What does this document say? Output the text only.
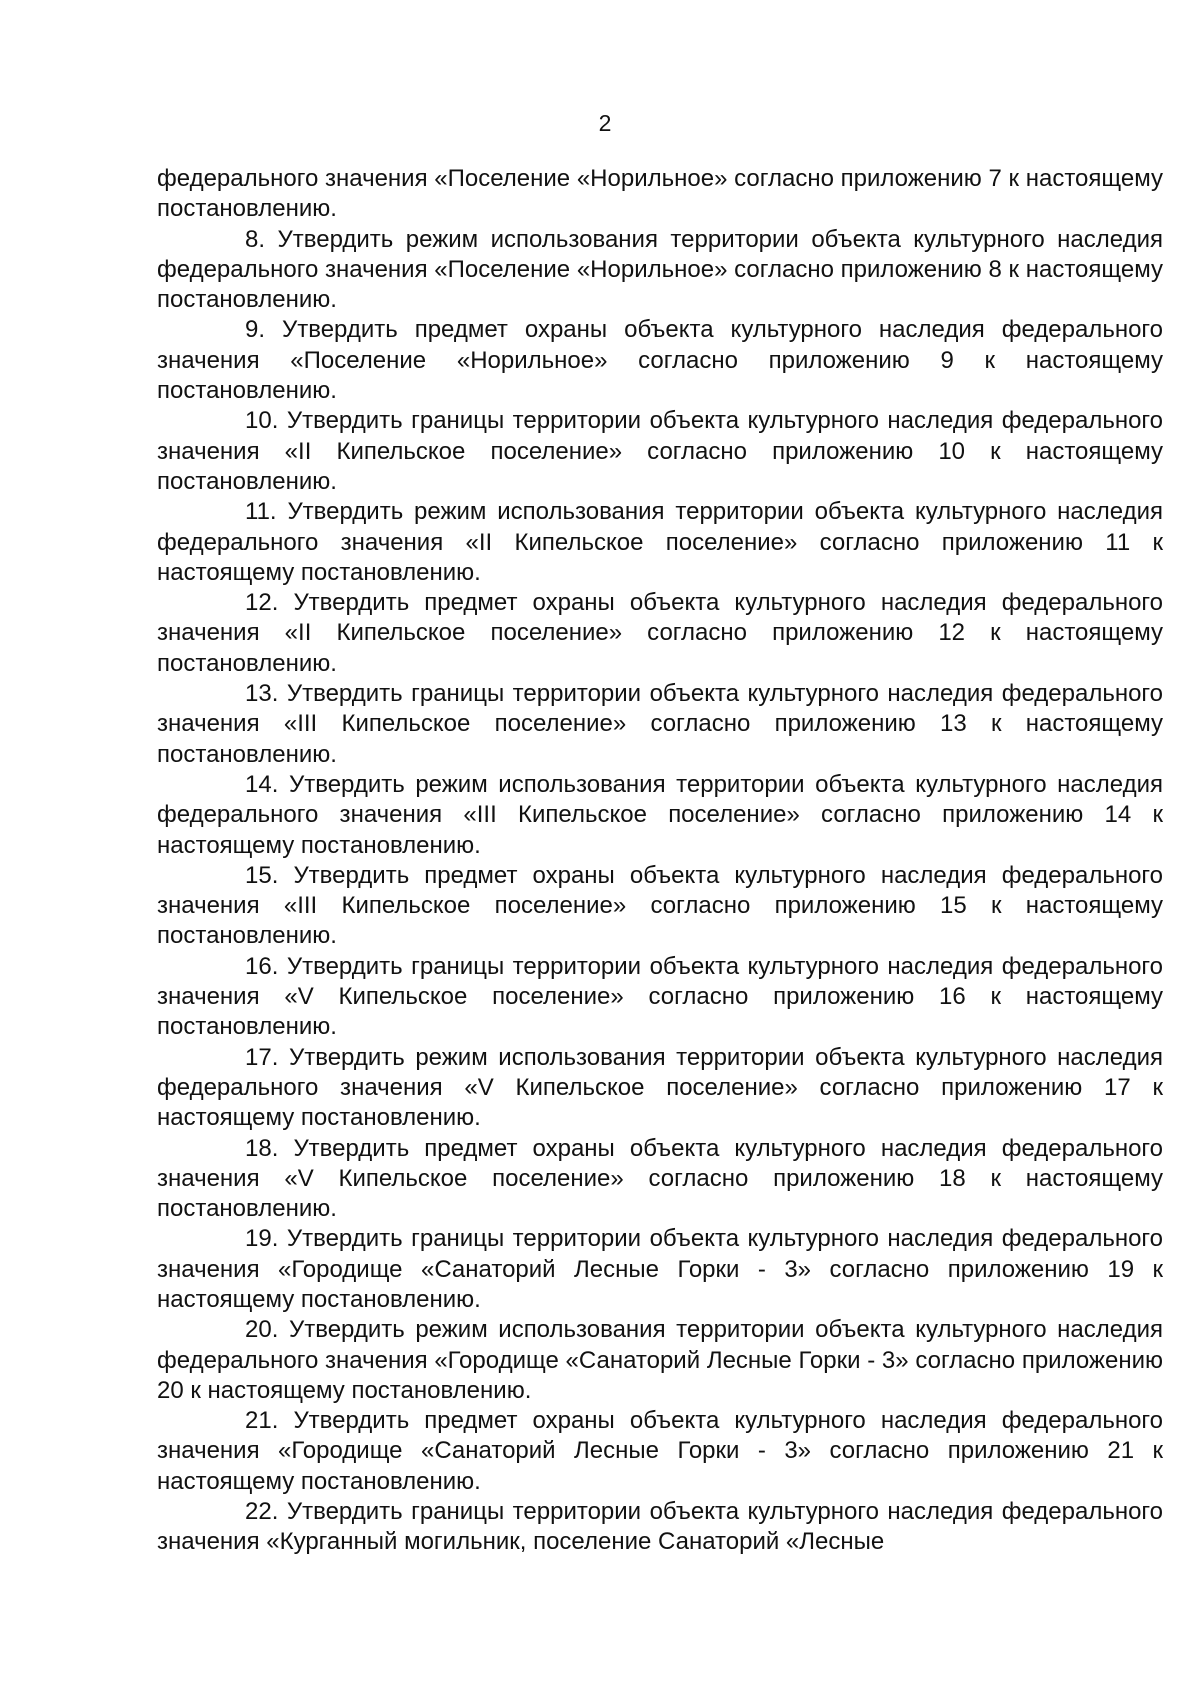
2

федерального значения «Поселение «Норильное» согласно приложению 7 к настоящему постановлению.

8. Утвердить режим использования территории объекта культурного наследия федерального значения «Поселение «Норильное» согласно приложению 8 к настоящему постановлению.

9. Утвердить предмет охраны объекта культурного наследия федерального значения «Поселение «Норильное» согласно приложению 9 к настоящему постановлению.

10. Утвердить границы территории объекта культурного наследия федерального значения «II Кипельское поселение» согласно приложению 10 к настоящему постановлению.

11. Утвердить режим использования территории объекта культурного наследия федерального значения «II Кипельское поселение» согласно приложению 11 к настоящему постановлению.

12. Утвердить предмет охраны объекта культурного наследия федерального значения «II Кипельское поселение» согласно приложению 12 к настоящему постановлению.

13. Утвердить границы территории объекта культурного наследия федерального значения «III Кипельское поселение» согласно приложению 13 к настоящему постановлению.

14. Утвердить режим использования территории объекта культурного наследия федерального значения «III Кипельское поселение» согласно приложению 14 к настоящему постановлению.

15. Утвердить предмет охраны объекта культурного наследия федерального значения «III Кипельское поселение» согласно приложению 15 к настоящему постановлению.

16. Утвердить границы территории объекта культурного наследия федерального значения «V Кипельское поселение» согласно приложению 16 к настоящему постановлению.

17. Утвердить режим использования территории объекта культурного наследия федерального значения «V Кипельское поселение» согласно приложению 17 к настоящему постановлению.

18. Утвердить предмет охраны объекта культурного наследия федерального значения «V Кипельское поселение» согласно приложению 18 к настоящему постановлению.

19. Утвердить границы территории объекта культурного наследия федерального значения «Городище «Санаторий Лесные Горки - 3» согласно приложению 19 к настоящему постановлению.

20. Утвердить режим использования территории объекта культурного наследия федерального значения «Городище «Санаторий Лесные Горки - 3» согласно приложению 20 к настоящему постановлению.

21. Утвердить предмет охраны объекта культурного наследия федерального значения «Городище «Санаторий Лесные Горки - 3» согласно приложению 21 к настоящему постановлению.

22. Утвердить границы территории объекта культурного наследия федерального значения «Курганный могильник, поселение Санаторий «Лесные
